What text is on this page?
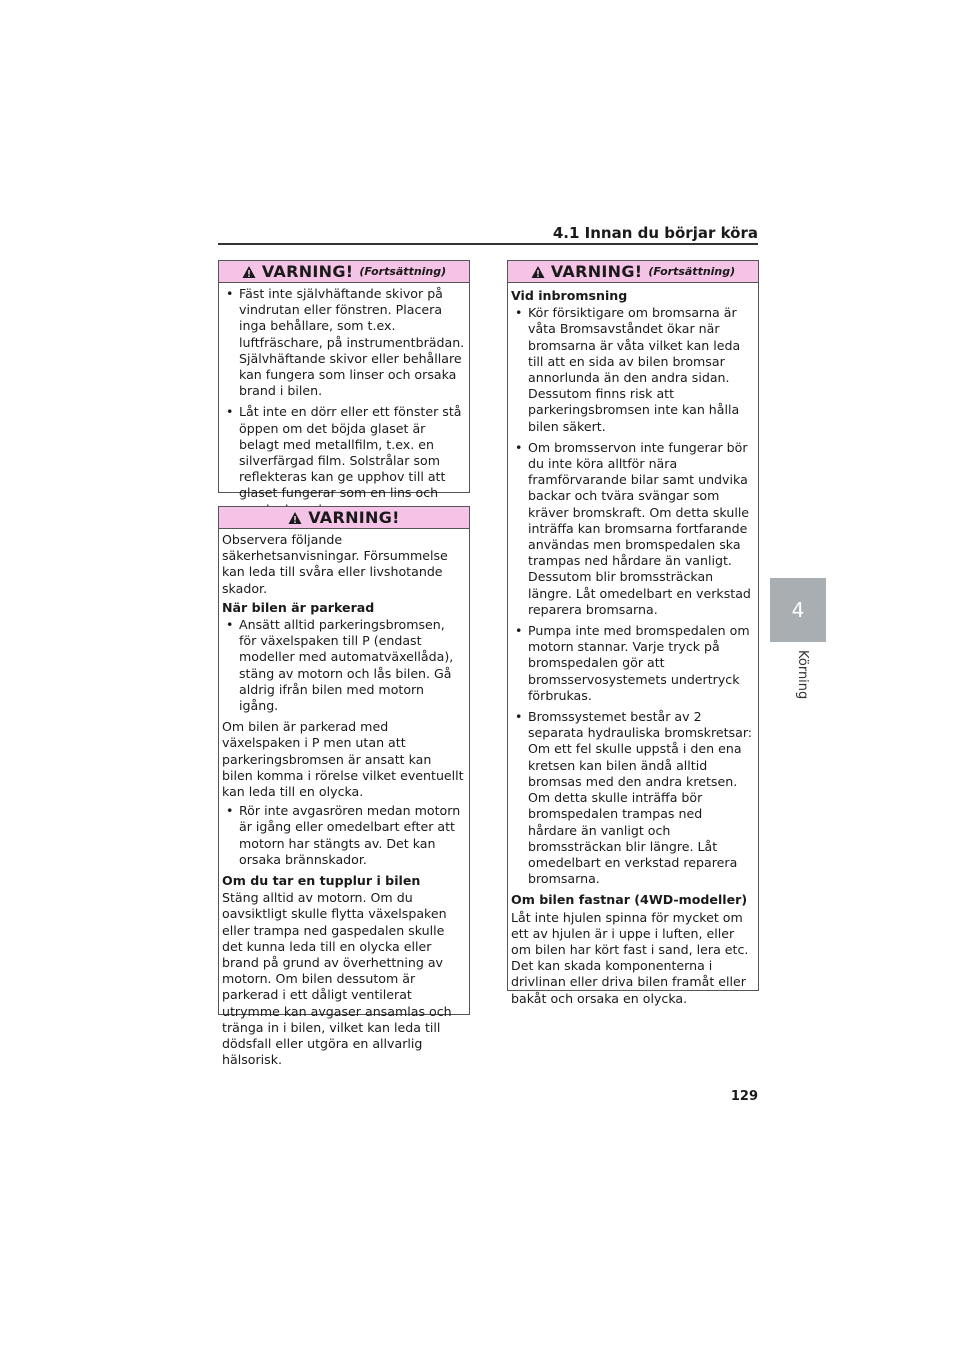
4.1 Innan du börjar köra
4
Körning
VARNING! (Fortsättning)
• Fäst inte självhäftande skivor på vindrutan eller fönstren. Placera inga behållare, som t.ex. luftfräschare, på instrumentbrädan. Självhäftande skivor eller behållare kan fungera som linser och orsaka brand i bilen.
• Låt inte en dörr eller ett fönster stå öppen om det böjda glaset är belagt med metallfilm, t.ex. en silverfärgad film. Solstrålar som reflekteras kan ge upphov till att glaset fungerar som en lins och
VARNING!

Observera följande säkerhetsanvisningar. Försummelse kan leda till svåra eller livshotande skador.

När bilen är parkerad
• Ansätt alltid parkeringsbromsen, för växelspaken till P (endast modeller med automatväxellåda), stäng av motorn och lås bilen. Gå aldrig ifrån bilen med motorn igång.

Om bilen är parkerad med växelspaken i P men utan att parkeringsbromsen är ansatt kan bilen komma i rörelse vilket eventuellt kan leda till en olycka.

• Rör inte avgasrören medan motorn är igång eller omedelbart efter att motorn har stängts av. Det kan orsaka brännskador.
Om du tar en tupplur i bilen

Stäng alltid av motorn. Om du oavsiktligt skulle flytta växelspaken eller trampa ned gaspedalen skulle det kunna leda till en olycka eller brand på grund av överhettning av motorn. Om bilen dessutom är parkerad i ett dåligt ventilerat utrymme kan avgaser ansamlas och tränga in i bilen, vilket kan leda till dödsfall eller utgöra en allvarlig hälsorisk.

VARNING! (Fortsättning)
Vid inbromsning
• Kör försiktigare om bromsarna är våta Bromsavståndet ökar när bromsarna är våta vilket kan leda till att en sida av bilen bromsar annorlunda än den andra sidan. Dessutom finns risk att parkeringsbromsen inte kan hålla bilen säkert.
• Om bromsservon inte fungerar bör du inte köra alltför nära framförvarande bilar samt undvika backar och tvära svängar som kräver bromskraft. Om detta skulle inträffa kan bromsarna fortfarande användas men bromspedalen ska trampas ned hårdare än vanligt. Dessutom blir bromssträckan längre. Låt omedelbart en verkstad reparera bromsarna.
• Pumpa inte med bromspedalen om motorn stannar. Varje tryck på bromspedalen gör att bromsservosystemets undertryck förbrukas.
• Bromssystemet består av 2 separata hydrauliska bromskretsar: Om ett fel skulle uppstå i den ena kretsen kan bilen ändå alltid bromsas med den andra kretsen. Om detta skulle inträffa bör bromspedalen trampas ned hårdare än vanligt och bromssträckan blir längre. Låt omedelbart en verkstad reparera bromsarna.
Om bilen fastnar (4WD-modeller)

Låt inte hjulen spinna för mycket om ett av hjulen är i uppe i luften, eller om bilen har kört fast i sand, lera etc. Det kan skada komponenterna i drivlinan eller driva bilen framåt eller bakåt och orsaka en olycka.

129
